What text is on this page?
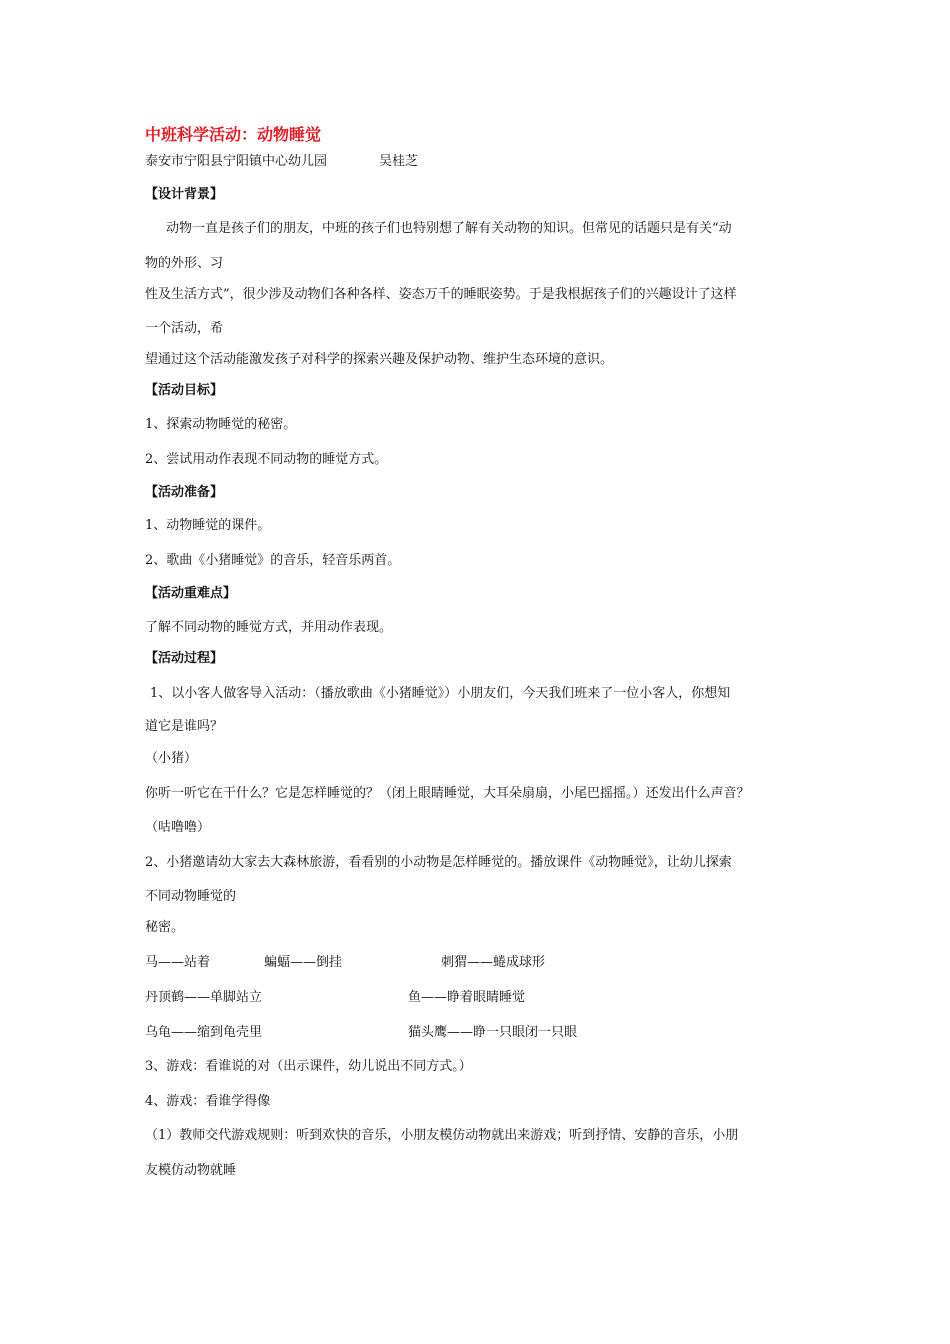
中班科学活动：动物睡觉
泰安市宁阳县宁阳镇中心幼儿园	吴桂芝
【设计背景】
动物一直是孩子们的朋友，中班的孩子们也特别想了解有关动物的知识。但常见的话题只是有关“动
物的外形、习
性及生活方式”，很少涉及动物们各种各样、姿态万千的睡眠姿势。于是我根据孩子们的兴趣设计了这样
一个活动，希
望通过这个活动能激发孩子对科学的探索兴趣及保护动物、维护生态环境的意识。
【活动目标】
1、探索动物睡觉的秘密。
2、尝试用动作表现不同动物的睡觉方式。
【活动准备】
1、动物睡觉的课件。
2、歌曲《小猪睡觉》的音乐，轻音乐两首。
【活动重难点】
了解不同动物的睡觉方式，并用动作表现。
【活动过程】
1、以小客人做客导入活动：（播放歌曲《小猪睡觉》）小朋友们，今天我们班来了一位小客人，你想知
道它是谁吗？
（小猪）
你听一听它在干什么？它是怎样睡觉的？（闭上眼睛睡觉，大耳朵扇扇，小尾巴摇摇。）还发出什么声音？
（咕噜噜）
2、小猪邀请幼大家去大森林旅游，看看别的小动物是怎样睡觉的。播放课件《动物睡觉》，让幼儿探索
不同动物睡觉的
秘密。
马——站着	蝙蝠——倒挂	刺猬——蜷成球形
丹顶鹤——单脚站立	鱼——睁着眼睛睡觉
乌龟——缩到龟壳里	猫头鹰——睁一只眼闭一只眼
3、游戏：看谁说的对（出示课件，幼儿说出不同方式。）
4、游戏：看谁学得像
（1）教师交代游戏规则：听到欢快的音乐，小朋友模仿动物就出来游戏；听到抒情、安静的音乐，小朋
友模仿动物就睡
